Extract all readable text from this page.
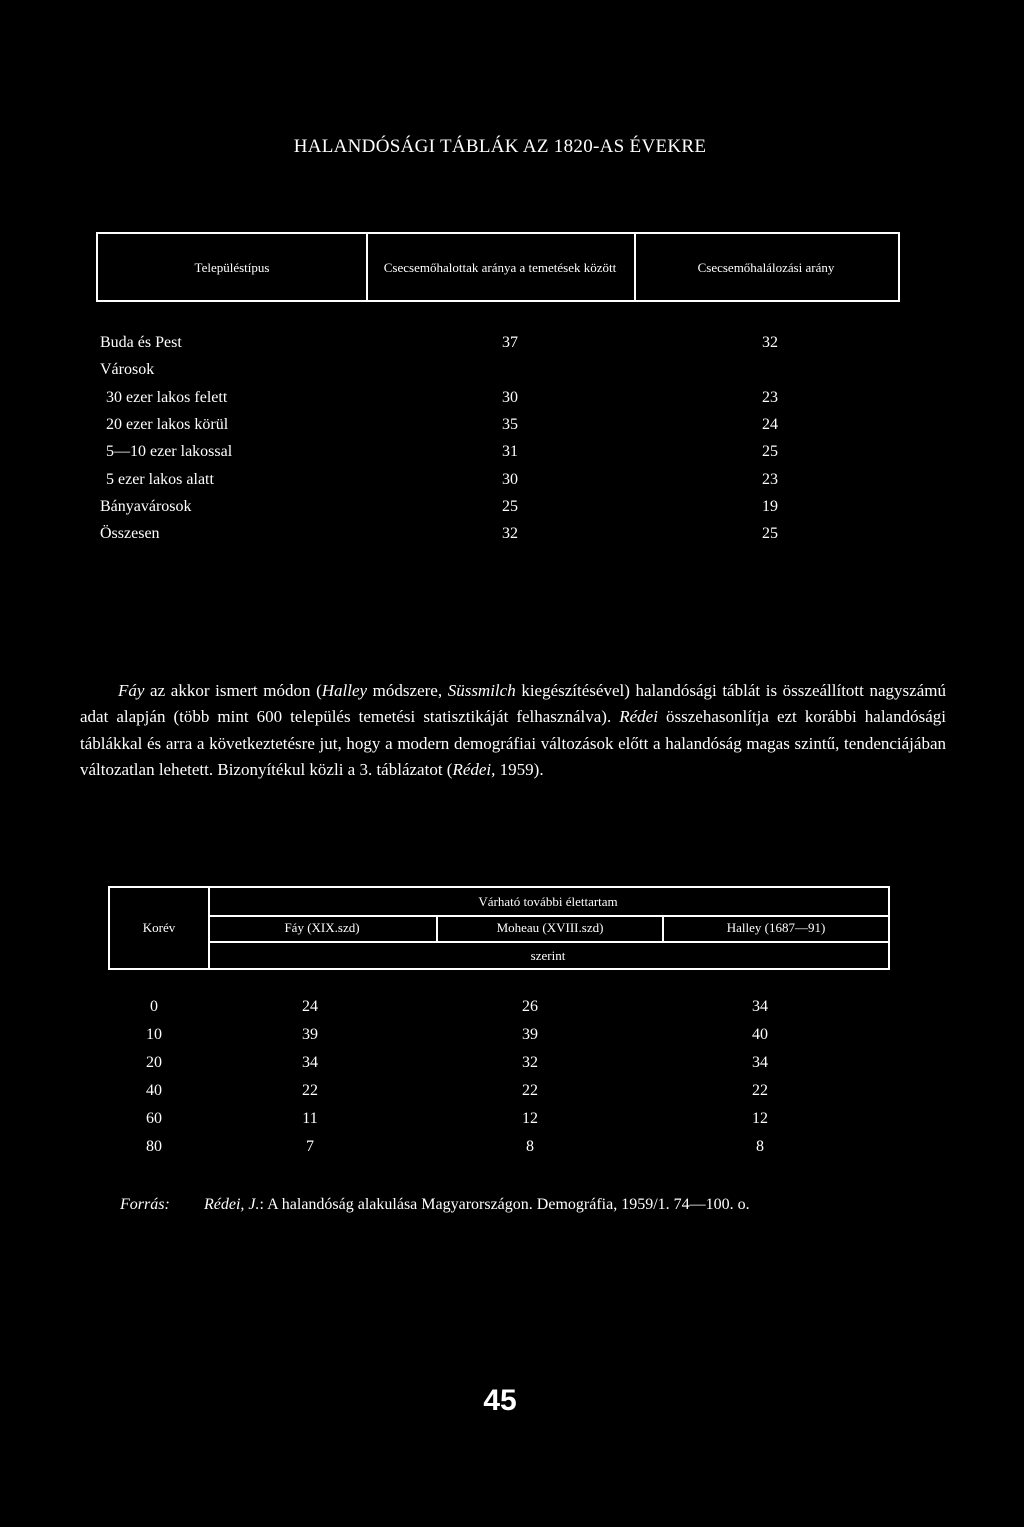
HALANDÓSÁGI TÁBLÁK AZ 1820-AS ÉVEKRE
Településtípus	Csecsemőhalottak aránya a temetések között	Csecsemőhalálozási arány
Buda és Pest	37	32
Városok
30 ezer lakos felett	30	23
20 ezer lakos körül	35	24
5—10 ezer lakossal	31	25
5 ezer lakos alatt	30	23
Bányavárosok	25	19
Összesen	32	25

Fáy az akkor ismert módon (Halley módszere, Süssmilch kiegészítésével) halandósági táblát is összeállított nagyszámú adat alapján (több mint 600 település temetési statisztikáját felhasználva). Rédei összehasonlítja ezt korábbi halandósági táblákkal és arra a következtetésre jut, hogy a modern demográfiai változások előtt a halandóság magas szintű, tendenciájában változatlan lehetett. Bizonyítékul közli a 3. táblázatot (Rédei, 1959).

Korév
Várható további élettartam
Fáy (XIX.szd)	Moheau (XVIII.szd)	Halley (1687—91)
szerint
0	24	26	34
10	39	39	40
20	34	32	34
40	22	22	22
60	11	12	12
80	7	8	8
Forrás: Rédei, J.: A halandóság alakulása Magyarországon. Demográfia, 1959/1. 74—100. o.
45
